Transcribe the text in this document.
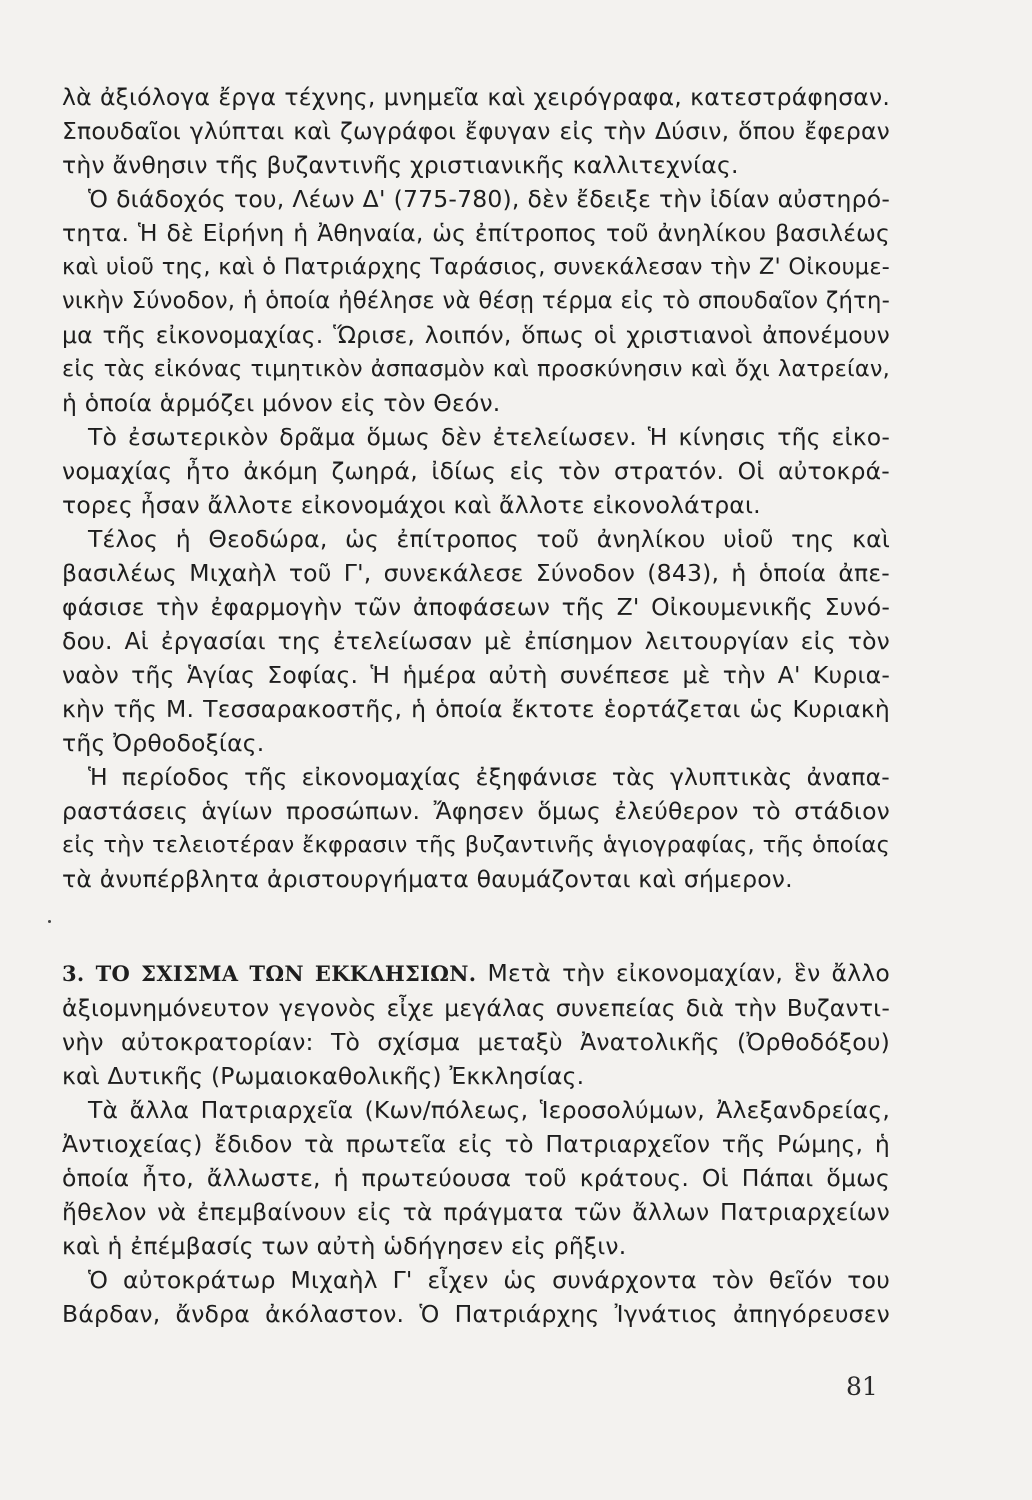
λὰ ἀξιόλογα ἔργα τέχνης, μνημεῖα καὶ χειρόγραφα, κατεστράφησαν.
Σπουδαῖοι γλύπται καὶ ζωγράφοι ἔφυγαν εἰς τὴν Δύσιν, ὅπου ἔφεραν
τὴν ἄνθησιν τῆς βυζαντινῆς χριστιανικῆς καλλιτεχνίας.
Ὁ διάδοχός του, Λέων Δ' (775-780), δὲν ἔδειξε τὴν ἰδίαν αὐστηρό-
τητα. Ἡ δὲ Εἰρήνη ἡ Ἀθηναία, ὡς ἐπίτροπος τοῦ ἀνηλίκου βασιλέως
καὶ υἱοῦ της, καὶ ὁ Πατριάρχης Ταράσιος, συνεκάλεσαν τὴν Ζ' Οἰκουμε-
νικὴν Σύνοδον, ἡ ὁποία ἠθέλησε νὰ θέσῃ τέρμα εἰς τὸ σπουδαῖον ζήτη-
μα τῆς εἰκονομαχίας. Ὥρισε, λοιπόν, ὅπως οἱ χριστιανοὶ ἀπονέμουν
εἰς τὰς εἰκόνας τιμητικὸν ἀσπασμὸν καὶ προσκύνησιν καὶ ὄχι λατρείαν,
ἡ ὁποία ἁρμόζει μόνον εἰς τὸν Θεόν.
Τὸ ἐσωτερικὸν δρᾶμα ὅμως δὲν ἐτελείωσεν. Ἡ κίνησις τῆς εἰκο-
νομαχίας ἦτο ἀκόμη ζωηρά, ἰδίως εἰς τὸν στρατόν. Οἱ αὐτοκρά-
τορες ἦσαν ἄλλοτε εἰκονομάχοι καὶ ἄλλοτε εἰκονολάτραι.
Τέλος ἡ Θεοδώρα, ὡς ἐπίτροπος τοῦ ἀνηλίκου υἱοῦ της καὶ
βασιλέως Μιχαὴλ τοῦ Γ', συνεκάλεσε Σύνοδον (843), ἡ ὁποία ἀπε-
φάσισε τὴν ἐφαρμογὴν τῶν ἀποφάσεων τῆς Ζ' Οἰκουμενικῆς Συνό-
δου. Αἱ ἐργασίαι της ἐτελείωσαν μὲ ἐπίσημον λειτουργίαν εἰς τὸν
ναὸν τῆς Ἁγίας Σοφίας. Ἡ ἡμέρα αὐτὴ συνέπεσε μὲ τὴν Α' Κυρια-
κὴν τῆς Μ. Τεσσαρακοστῆς, ἡ ὁποία ἔκτοτε ἑορτάζεται ὡς Κυριακὴ
τῆς Ὀρθοδοξίας.
Ἡ περίοδος τῆς εἰκονομαχίας ἐξηφάνισε τὰς γλυπτικὰς ἀναπα-
ραστάσεις ἁγίων προσώπων. Ἄφησεν ὅμως ἐλεύθερον τὸ στάδιον
εἰς τὴν τελειοτέραν ἔκφρασιν τῆς βυζαντινῆς ἁγιογραφίας, τῆς ὁποίας
τὰ ἀνυπέρβλητα ἀριστουργήματα θαυμάζονται καὶ σήμερον.
3. ΤΟ ΣΧΙΣΜΑ ΤΩΝ ΕΚΚΛΗΣΙΩΝ. Μετὰ τὴν εἰκονομαχίαν, ἓν ἄλλο
ἀξιομνημόνευτον γεγονὸς εἶχε μεγάλας συνεπείας διὰ τὴν Βυζαντι-
νὴν αὐτοκρατορίαν: Τὸ σχίσμα μεταξὺ Ἀνατολικῆς (Ὀρθοδόξου)
καὶ Δυτικῆς (Ρωμαιοκαθολικῆς) Ἐκκλησίας.
Τὰ ἄλλα Πατριαρχεῖα (Κων/πόλεως, Ἱεροσολύμων, Ἀλεξανδρείας,
Ἀντιοχείας) ἔδιδον τὰ πρωτεῖα εἰς τὸ Πατριαρχεῖον τῆς Ρώμης, ἡ
ὁποία ἦτο, ἄλλωστε, ἡ πρωτεύουσα τοῦ κράτους. Οἱ Πάπαι ὅμως
ἤθελον νὰ ἐπεμβαίνουν εἰς τὰ πράγματα τῶν ἄλλων Πατριαρχείων
καὶ ἡ ἐπέμβασίς των αὐτὴ ὡδήγησεν εἰς ρῆξιν.
Ὁ αὐτοκράτωρ Μιχαὴλ Γ' εἶχεν ὡς συνάρχοντα τὸν θεῖόν του
Βάρδαν, ἄνδρα ἀκόλαστον. Ὁ Πατριάρχης Ἰγνάτιος ἀπηγόρευσεν
81
